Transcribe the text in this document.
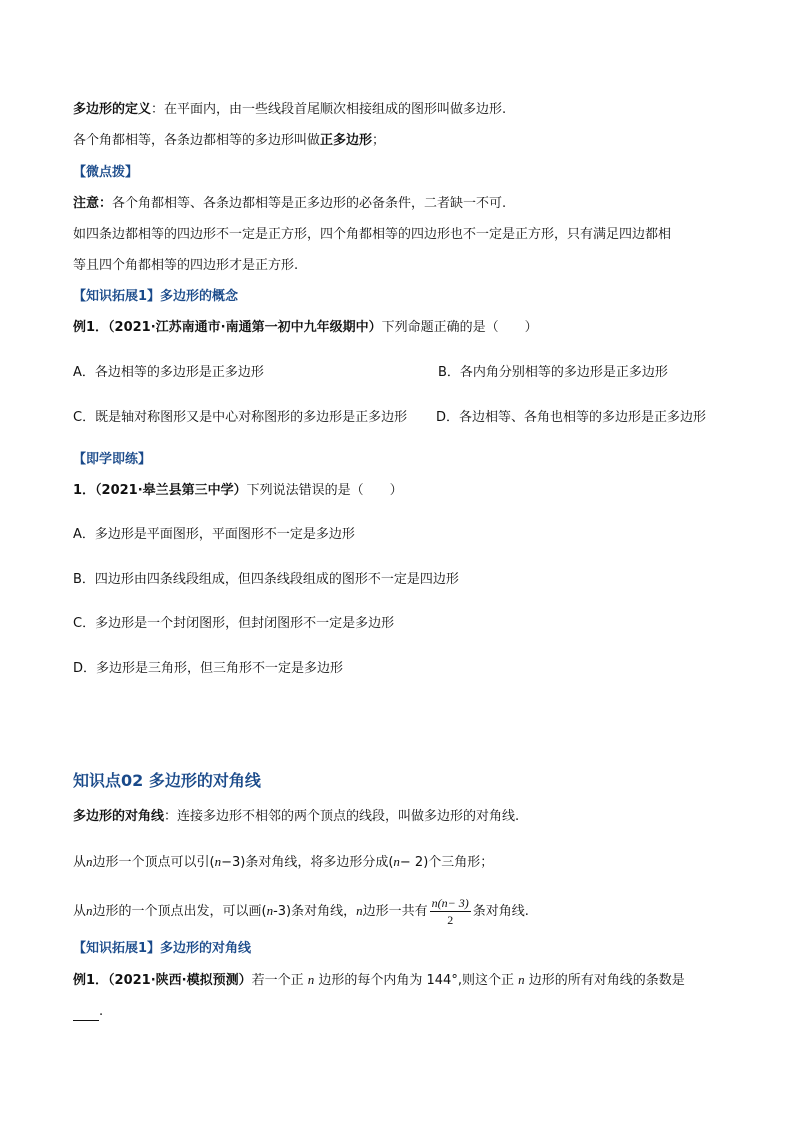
多边形的定义：在平面内，由一些线段首尾顺次相接组成的图形叫做多边形.
各个角都相等，各条边都相等的多边形叫做正多边形；
【微点拨】
注意：各个角都相等、各条边都相等是正多边形的必备条件，二者缺一不可.
如四条边都相等的四边形不一定是正方形，四个角都相等的四边形也不一定是正方形，只有满足四边都相
等且四个角都相等的四边形才是正方形.
【知识拓展1】多边形的概念
例1．（2021·江苏南通市·南通第一初中九年级期中）下列命题正确的是（　　）
A．各边相等的多边形是正多边形	B．各内角分别相等的多边形是正多边形
C．既是轴对称图形又是中心对称图形的多边形是正多边形 D．各边相等、各角也相等的多边形是正多边形
【即学即练】
1．（2021·皋兰县第三中学）下列说法错误的是（　　）
A．多边形是平面图形，平面图形不一定是多边形
B．四边形由四条线段组成，但四条线段组成的图形不一定是四边形
C．多边形是一个封闭图形，但封闭图形不一定是多边形
D．多边形是三角形，但三角形不一定是多边形
知识点02 多边形的对角线
多边形的对角线：连接多边形不相邻的两个顶点的线段，叫做多边形的对角线.
从n边形一个顶点可以引(n−3)条对角线，将多边形分成(n− 2)个三角形；
从n边形的一个顶点出发，可以画(n-3)条对角线，n边形一共有 $\frac{n(n- 3)}{2}$ 条对角线.
【知识拓展1】多边形的对角线
例1．（2021·陕西·模拟预测）若一个正 n 边形的每个内角为 144°,则这个正 n 边形的所有对角线的条数是
.
